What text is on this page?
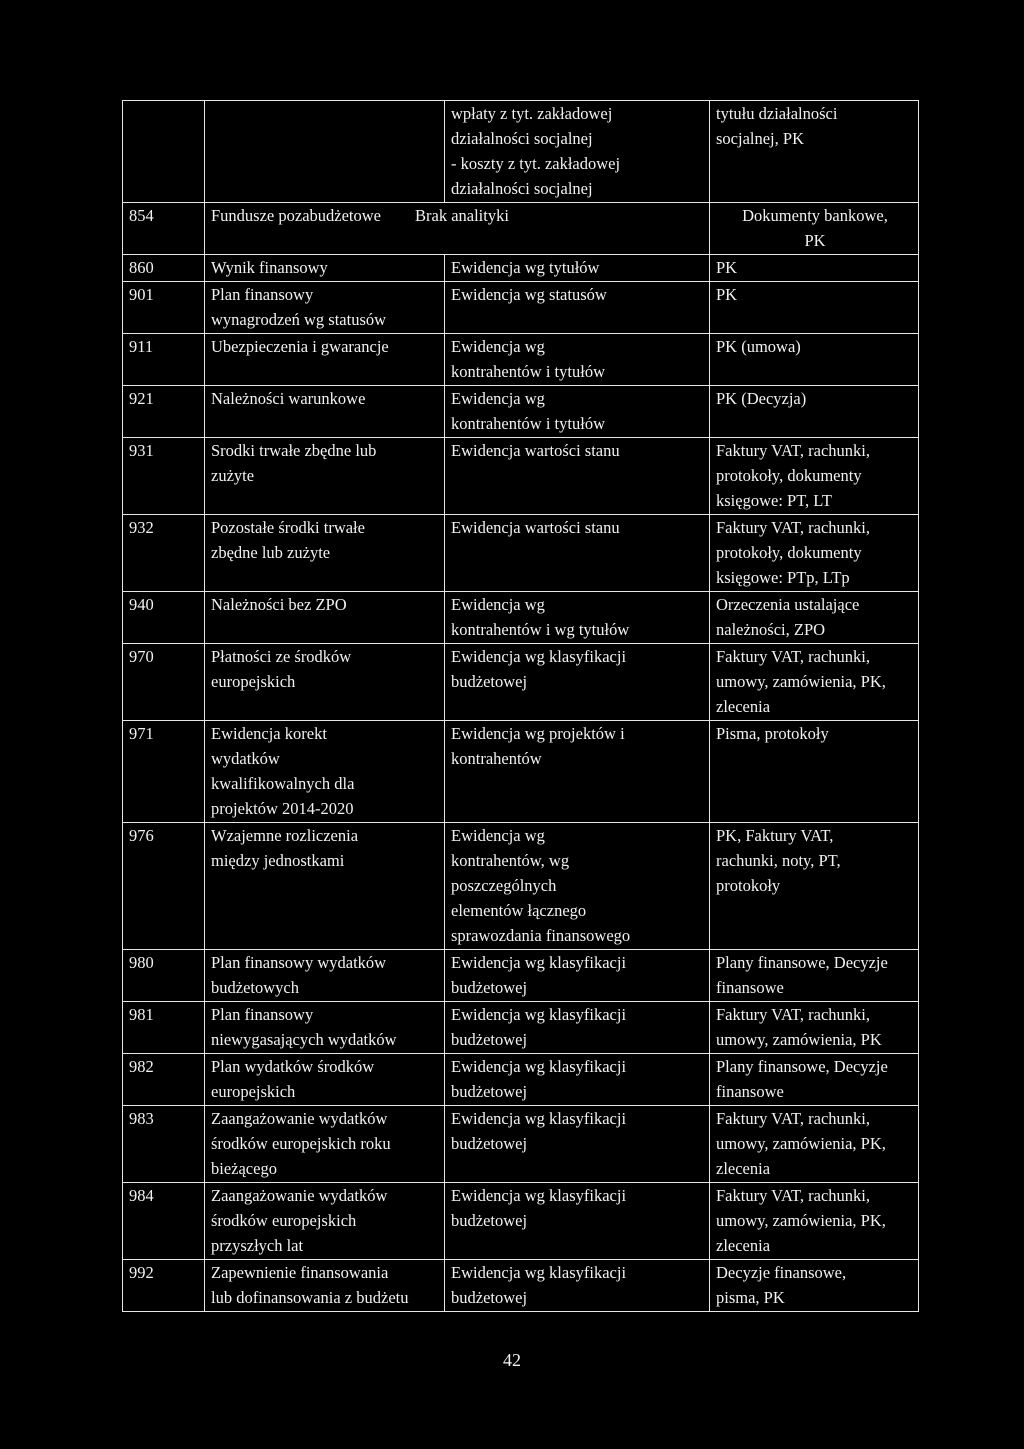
		wpłaty z tyt. zakładowej
działalności socjalnej
- koszty z tyt. zakładowej
działalności socjalnej	tytułu działalności
socjalnej, PK

854	Fundusze pozabudżetowe Brak analityki		Dokumenty bankowe,
PK

860	Wynik finansowy	Ewidencja wg tytułów	PK

901	Plan finansowy
wynagrodzeń wg statusów	Ewidencja wg statusów	PK

911	Ubezpieczenia i gwarancje	Ewidencja wg
kontrahentów i tytułów	PK (umowa)

921	Należności warunkowe	Ewidencja wg
kontrahentów i tytułów	PK (Decyzja)

931	Srodki trwałe zbędne lub
zużyte	Ewidencja wartości stanu	Faktury VAT, rachunki,
protokoły, dokumenty
księgowe: PT, LT

932	Pozostałe środki trwałe
zbędne lub zużyte	Ewidencja wartości stanu	Faktury VAT, rachunki,
protokoły, dokumenty
księgowe: PTp, LTp

940	Należności bez ZPO	Ewidencja wg
kontrahentów i wg tytułów	Orzeczenia ustalające
należności, ZPO

970	Płatności ze środków
europejskich	Ewidencja wg klasyfikacji
budżetowej	Faktury VAT, rachunki,
umowy, zamówienia, PK,
zlecenia

971	Ewidencja korekt
wydatków
kwalifikowalnych dla
projektów 2014-2020	Ewidencja wg projektów i
kontrahentów	Pisma, protokoły

976	Wzajemne rozliczenia
między jednostkami	Ewidencja wg
kontrahentów, wg
poszczególnych
elementów łącznego
sprawozdania finansowego	PK, Faktury VAT,
rachunki, noty, PT,
protokoły

980	Plan finansowy wydatków
budżetowych	Ewidencja wg klasyfikacji
budżetowej	Plany finansowe, Decyzje
finansowe

981	Plan finansowy
niewygasających wydatków	Ewidencja wg klasyfikacji
budżetowej	Faktury VAT, rachunki,
umowy, zamówienia, PK

982	Plan wydatków środków
europejskich	Ewidencja wg klasyfikacji
budżetowej	Plany finansowe, Decyzje
finansowe

983	Zaangażowanie wydatków
środków europejskich roku
bieżącego	Ewidencja wg klasyfikacji
budżetowej	Faktury VAT, rachunki,
umowy, zamówienia, PK,
zlecenia

984	Zaangażowanie wydatków
środków europejskich
przyszłych lat	Ewidencja wg klasyfikacji
budżetowej	Faktury VAT, rachunki,
umowy, zamówienia, PK,
zlecenia

992	Zapewnienie finansowania
lub dofinansowania z budżetu	Ewidencja wg klasyfikacji
budżetowej	Decyzje finansowe,
pisma, PK
42
